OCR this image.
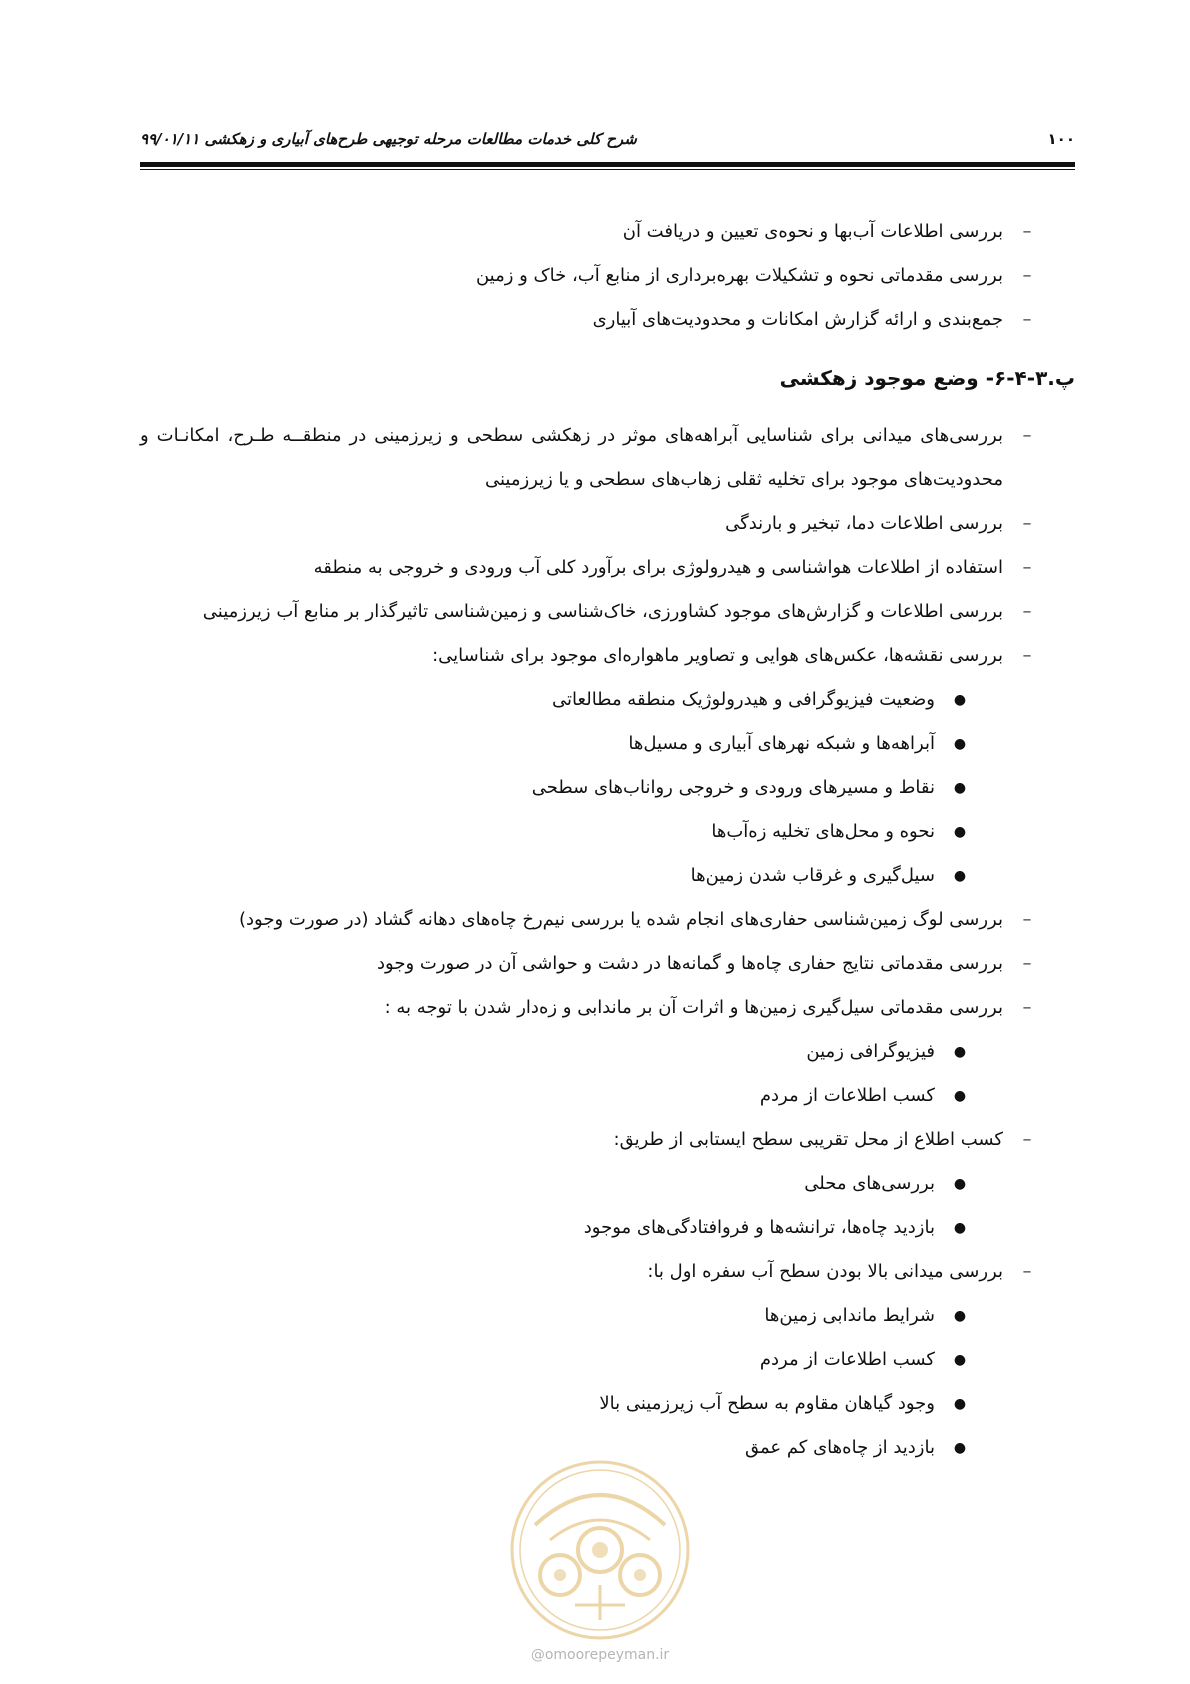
۱۰۰
شرح کلی خدمات مطالعات مرحله توجیهی طرح‌های آبیاری و زهکشی ۹۹/۰۱/۱۱
–
بررسی اطلاعات آب‌بها و نحوه‌ی تعیین و دریافت آن
–
بررسی مقدماتی نحوه و تشکیلات بهره‌برداری از منابع آب، خاک و زمین
–
جمع‌بندی و ارائه گزارش امکانات و محدودیت‌های آبیاری
پ.۳-۴-۶- وضع موجود زهکشی
–
بررسی‌های میدانی برای شناسایی آبراهه‌های موثر در زهکشی سطحی و زیرزمینی در منطقــه طـرح، امکانـات و
محدودیت‌های موجود برای تخلیه ثقلی زهاب‌های سطحی و یا زیرزمینی
–
بررسی اطلاعات دما، تبخیر و بارندگی
–
استفاده از اطلاعات هواشناسی و هیدرولوژی برای برآورد کلی آب ورودی و خروجی به منطقه
–
بررسی اطلاعات و گزارش‌های موجود کشاورزی، خاک‌شناسی و زمین‌شناسی تاثیرگذار بر منابع آب زیرزمینی
–
بررسی نقشه‌ها، عکس‌های هوایی و تصاویر ماهواره‌ای موجود برای شناسایی:
●
وضعیت فیزیوگرافی و هیدرولوژیک منطقه مطالعاتی
●
آبراهه‌ها و شبکه نهرهای آبیاری و مسیل‌ها
●
نقاط و مسیرهای ورودی و خروجی رواناب‌های سطحی
●
نحوه و محل‌های تخلیه زه‌آب‌ها
●
سیل‌گیری و غرقاب شدن زمین‌ها
–
بررسی لوگ زمین‌شناسی حفاری‌های انجام شده یا بررسی نیم‌رخ چاه‌های دهانه گشاد (در صورت وجود)
–
بررسی مقدماتی نتایج حفاری چاه‌ها و گمانه‌ها در دشت و حواشی آن در صورت وجود
–
بررسی مقدماتی سیل‌گیری زمین‌ها و اثرات آن بر ماندابی و زه‌دار شدن با توجه به :
●
فیزیوگرافی زمین
●
کسب اطلاعات از مردم
–
کسب اطلاع از محل تقریبی سطح ایستابی از طریق:
●
بررسی‌های محلی
●
بازدید چاه‌ها، ترانشه‌ها و فروافتادگی‌های موجود
–
بررسی میدانی بالا بودن سطح آب سفره اول با:
●
شرایط ماندابی زمین‌ها
●
کسب اطلاعات از مردم
●
وجود گیاهان مقاوم به سطح آب زیرزمینی بالا
●
بازدید از چاه‌های کم عمق
@omoorepeyman.ir
